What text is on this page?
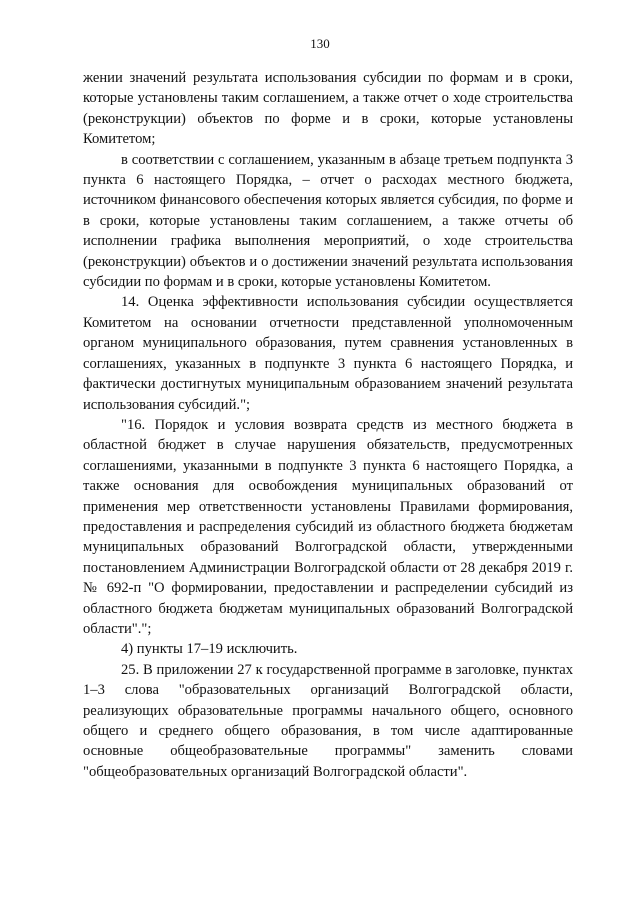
130

жении значений результата использования субсидии по формам и в сроки, которые установлены таким соглашением, а также отчет о ходе строительства (реконструкции) объектов по форме и в сроки, которые установлены Комитетом;

в соответствии с соглашением, указанным в абзаце третьем подпункта 3 пункта 6 настоящего Порядка, – отчет о расходах местного бюджета, источником финансового обеспечения которых является субсидия, по форме и в сроки, которые установлены таким соглашением, а также отчеты об исполнении графика выполнения мероприятий, о ходе строительства (реконструкции) объектов и о достижении значений результата использования субсидии по формам и в сроки, которые установлены Комитетом.

14. Оценка эффективности использования субсидии осуществляется Комитетом на основании отчетности представленной уполномоченным органом муниципального образования, путем сравнения установленных в соглашениях, указанных в подпункте 3 пункта 6 настоящего Порядка, и фактически достигнутых муниципальным образованием значений результата использования субсидий.";

"16. Порядок и условия возврата средств из местного бюджета в областной бюджет в случае нарушения обязательств, предусмотренных соглашениями, указанными в подпункте 3 пункта 6 настоящего Порядка, а также основания для освобождения муниципальных образований от применения мер ответственности установлены Правилами формирования, предоставления и распределения субсидий из областного бюджета бюджетам муниципальных образований Волгоградской области, утвержденными постановлением Администрации Волгоградской области от 28 декабря 2019 г. № 692-п "О формировании, предоставлении и распределении субсидий из областного бюджета бюджетам муниципальных образований Волгоградской области".";

4) пункты 17–19 исключить.

25. В приложении 27 к государственной программе в заголовке, пунктах 1–3 слова "образовательных организаций Волгоградской области, реализующих образовательные программы начального общего, основного общего и среднего общего образования, в том числе адаптированные основные общеобразовательные программы" заменить словами "общеобразовательных организаций Волгоградской области".
